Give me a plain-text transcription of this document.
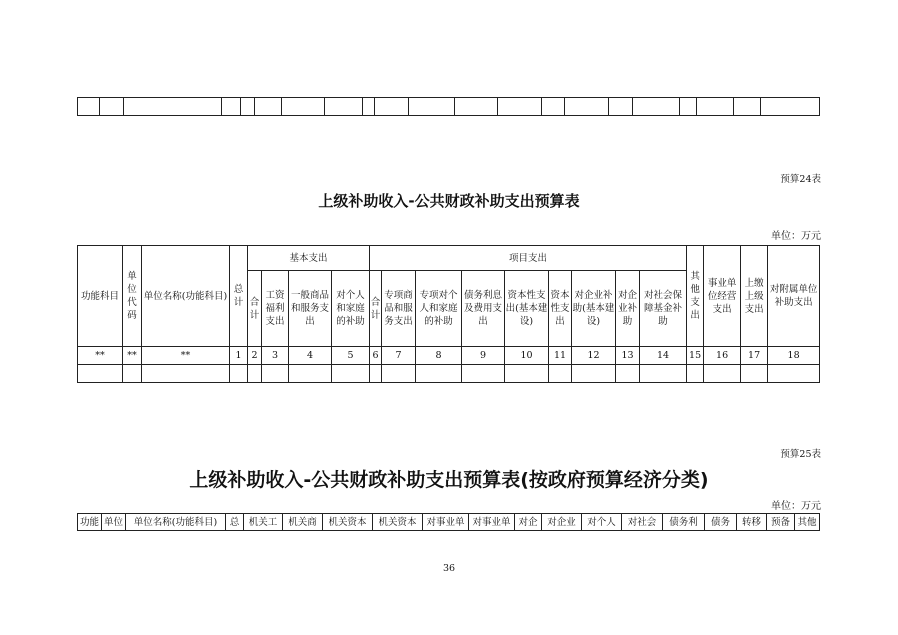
预算24表
上级补助收入-公共财政补助支出预算表
单位：万元
功能科目	单位代码	单位名称(功能科目)	总计	基本支出				项目支出									其他支出	事业单位经营支出	上缴上级支出	对附属单位补助支出
				合计	工资福利支出	一般商品和服务支出	对个人和家庭的补助	合计	专项商品和服务支出	专项对个人和家庭的补助	债务利息及费用支出	资本性支出(基本建设)	资本性支出	对企业补助(基本建设)	对企业补助	对社会保障基金补助				
**	**	**	1	2	3	4	5	6	7	8	9	10	11	12	13	14	15	16	17	18

预算25表
上级补助收入-公共财政补助支出预算表(按政府预算经济分类)
单位：万元
功能	单位	单位名称(功能科目)	总	机关工	机关商	机关资本	机关资本	对事业单	对事业单	对企	对企业	对个人	对社会	债务利	债务	转移	预备	其他
36
